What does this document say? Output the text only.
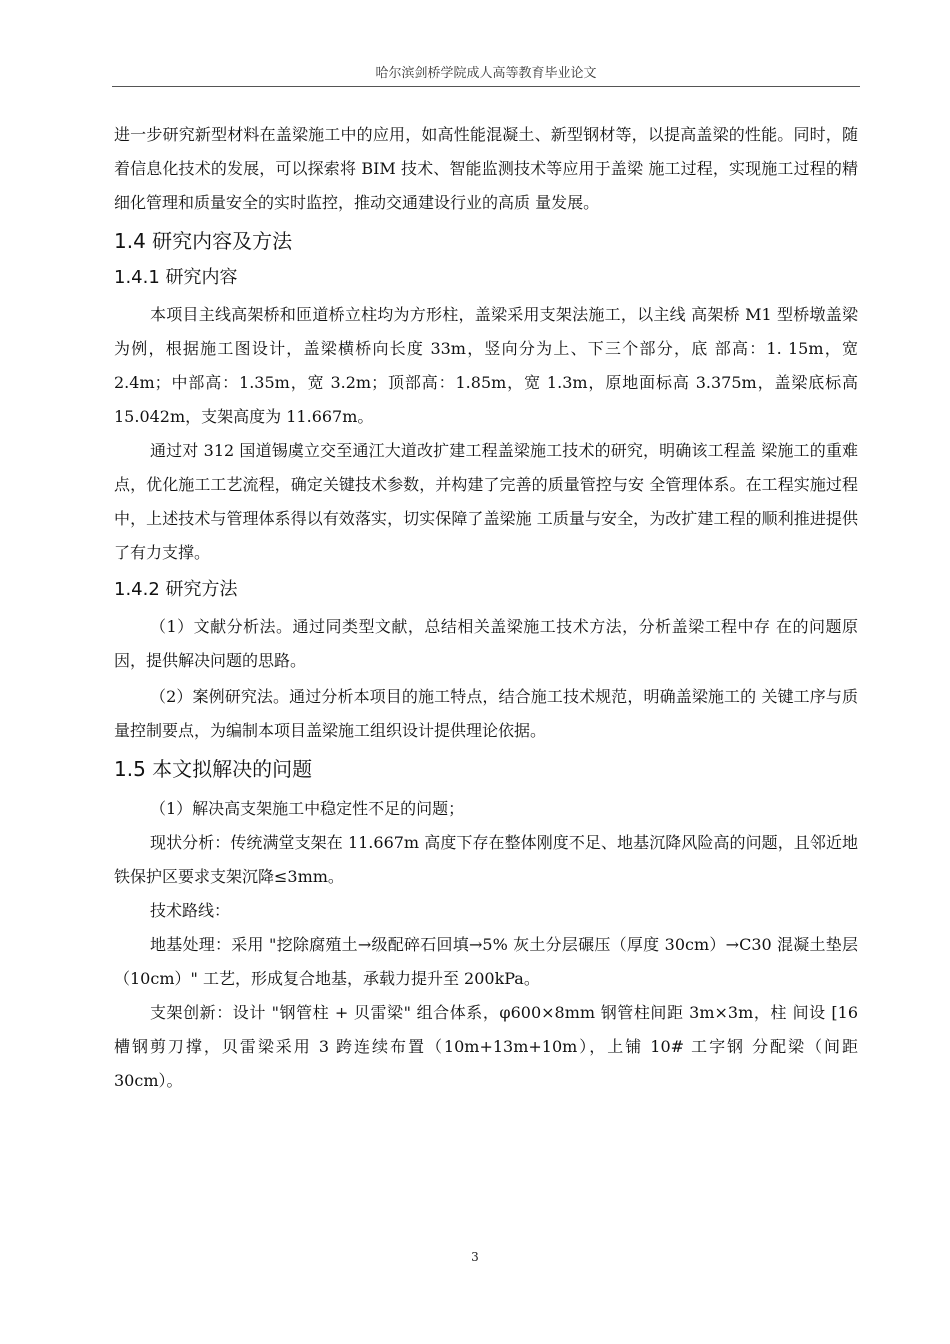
哈尔滨剑桥学院成人高等教育毕业论文

进一步研究新型材料在盖梁施工中的应用，如高性能混凝土、新型钢材等，以提高盖梁的性能。同时，随着信息化技术的发展，可以探索将 BIM 技术、智能监测技术等应用于盖梁 施工过程，实现施工过程的精细化管理和质量安全的实时监控，推动交通建设行业的高质 量发展。

1.4 研究内容及方法
1.4.1 研究内容

本项目主线高架桥和匝道桥立柱均为方形柱，盖梁采用支架法施工，以主线 高架桥 M1 型桥墩盖梁为例，根据施工图设计，盖梁横桥向长度 33m，竖向分为上、下三个部分，底 部高：1. 15m，宽 2.4m；中部高：1.35m，宽 3.2m；顶部高：1.85m，宽 1.3m，原地面标高 3.375m，盖梁底标高 15.042m，支架高度为 11.667m。

通过对 312 国道锡虞立交至通江大道改扩建工程盖梁施工技术的研究，明确该工程盖 梁施工的重难点，优化施工工艺流程，确定关键技术参数，并构建了完善的质量管控与安 全管理体系。在工程实施过程中，上述技术与管理体系得以有效落实，切实保障了盖梁施 工质量与安全，为改扩建工程的顺利推进提供了有力支撑。

1.4.2 研究方法

（1）文献分析法。通过同类型文献，总结相关盖梁施工技术方法，分析盖梁工程中存 在的问题原因，提供解决问题的思路。

（2）案例研究法。通过分析本项目的施工特点，结合施工技术规范，明确盖梁施工的 关键工序与质量控制要点，为编制本项目盖梁施工组织设计提供理论依据。

1.5 本文拟解决的问题

（1）解决高支架施工中稳定性不足的问题；

现状分析：传统满堂支架在 11.667m 高度下存在整体刚度不足、地基沉降风险高的问题，且邻近地铁保护区要求支架沉降≤3mm。

技术路线：

地基处理：采用 "挖除腐殖土→级配碎石回填→5% 灰土分层碾压（厚度 30cm）→C30 混凝土垫层（10cm）" 工艺，形成复合地基，承载力提升至 200kPa。

支架创新：设计 "钢管柱 + 贝雷梁" 组合体系，φ600×8mm 钢管柱间距 3m×3m，柱 间设 [16 槽钢剪刀撑，贝雷梁采用 3 跨连续布置（10m+13m+10m），上铺 10# 工字钢 分配梁（间距 30cm）。

3
